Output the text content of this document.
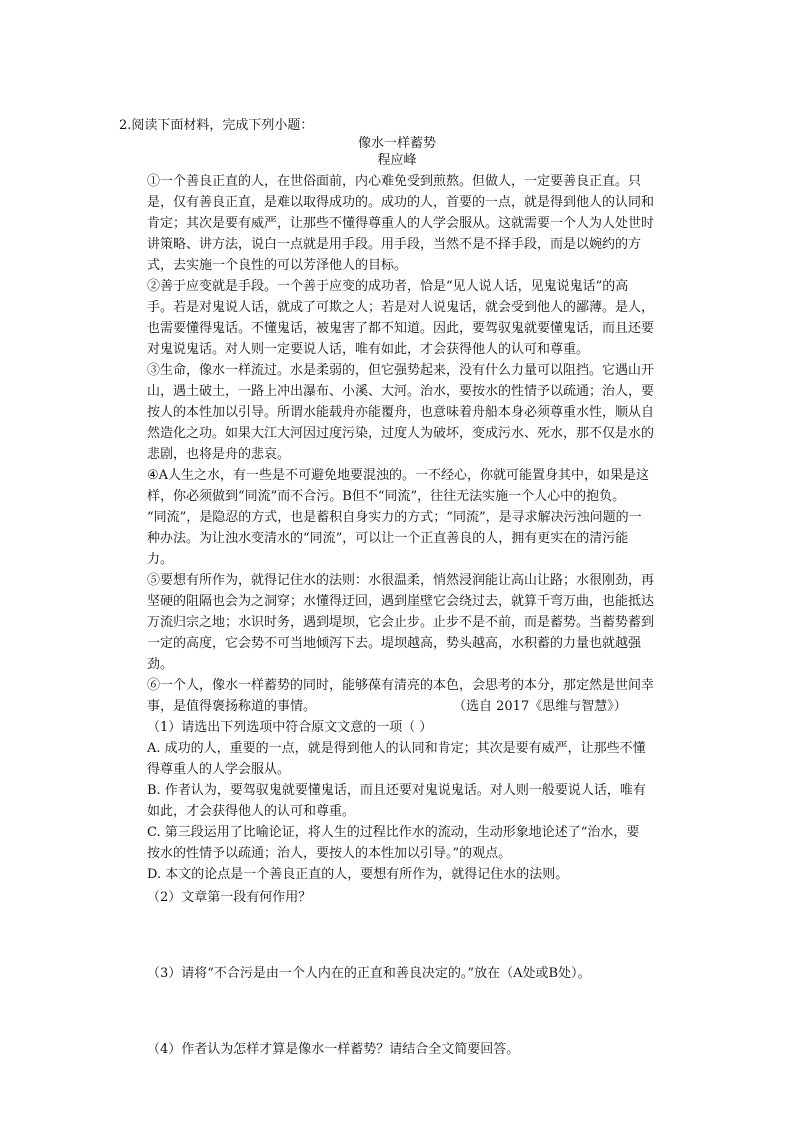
2.阅读下面材料，完成下列小题：
像水一样蓄势
程应峰
①一个善良正直的人，在世俗面前，内心难免受到煎熬。但做人，一定要善良正直。只
是，仅有善良正直，是难以取得成功的。成功的人，首要的一点，就是得到他人的认同和
肯定；其次是要有威严，让那些不懂得尊重人的人学会服从。这就需要一个人为人处世时
讲策略、讲方法，说白一点就是用手段。用手段，当然不是不择手段，而是以婉约的方
式，去实施一个良性的可以芳泽他人的目标。
②善于应变就是手段。一个善于应变的成功者，恰是“见人说人话，见鬼说鬼话”的高
手。若是对鬼说人话，就成了可欺之人；若是对人说鬼话，就会受到他人的鄙薄。是人，
也需要懂得鬼话。不懂鬼话，被鬼害了都不知道。因此，要驾驭鬼就要懂鬼话，而且还要
对鬼说鬼话。对人则一定要说人话，唯有如此，才会获得他人的认可和尊重。
③生命，像水一样流过。水是柔弱的，但它强势起来，没有什么力量可以阻挡。它遇山开
山，遇土破土，一路上冲出瀑布、小溪、大河。治水，要按水的性情予以疏通；治人，要
按人的本性加以引导。所谓水能载舟亦能覆舟，也意味着舟船本身必须尊重水性，顺从自
然造化之功。如果大江大河因过度污染，过度人为破坏，变成污水、死水，那不仅是水的
悲剧，也将是舟的悲哀。
④A人生之水，有一些是不可避免地要混浊的。一不经心，你就可能置身其中，如果是这
样，你必须做到“同流”而不合污。B但不“同流”，往往无法实施一个人心中的抱负。
“同流”，是隐忍的方式，也是蓄积自身实力的方式；“同流”，是寻求解决污浊问题的一
种办法。为让浊水变清水的“同流”，可以让一个正直善良的人，拥有更实在的清污能
力。
⑤要想有所作为，就得记住水的法则：水很温柔，悄然浸润能让高山让路；水很刚劲，再
坚硬的阻隔也会为之洞穿；水懂得迂回，遇到崖壁它会绕过去，就算千弯万曲，也能抵达
万流归宗之地；水识时务，遇到堤坝，它会止步。止步不是不前，而是蓄势。当蓄势蓄到
一定的高度，它会势不可当地倾泻下去。堤坝越高，势头越高，水积蓄的力量也就越强
劲。
⑥一个人，像水一样蓄势的同时，能够葆有清亮的本色，会思考的本分，那定然是世间幸
事，是值得褒扬称道的事情。	（选自 2017《思维与智慧》）
（1）请选出下列选项中符合原文文意的一项（ ）
A. 成功的人，重要的一点，就是得到他人的认同和肯定；其次是要有威严，让那些不懂
得尊重人的人学会服从。
B. 作者认为，要驾驭鬼就要懂鬼话，而且还要对鬼说鬼话。对人则一般要说人话，唯有
如此，才会获得他人的认可和尊重。
C. 第三段运用了比喻论证，将人生的过程比作水的流动，生动形象地论述了“治水，要
按水的性情予以疏通；治人，要按人的本性加以引导。”的观点。
D. 本文的论点是一个善良正直的人，要想有所作为，就得记住水的法则。
（2）文章第一段有何作用？
（3）请将“不合污是由一个人内在的正直和善良决定的。”放在（A处或B处）。
（4）作者认为怎样才算是像水一样蓄势？请结合全文简要回答。
